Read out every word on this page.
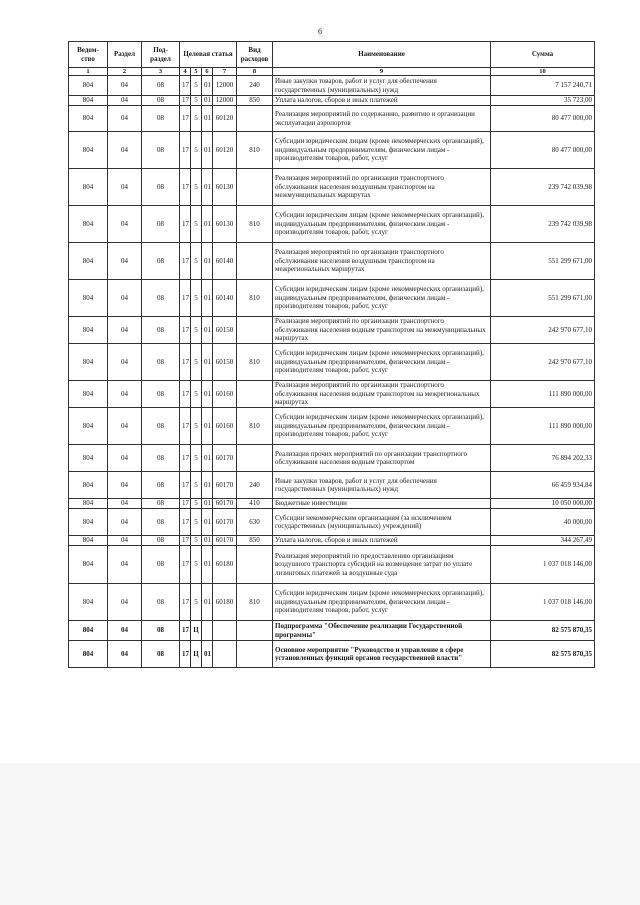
6
Ведом-
ство	Раздел	Под-
раздел	Целевая статья				Вид
расходов	Наименование	Сумма
1	2	3	4	5	6	7	8	9	10
804	04	08	17	5	01	12000	240	Иные закупки товаров, работ и услуг для обеспечения государственных (муниципальных) нужд	7 157 240,71
804	04	08	17	5	01	12000	850	Уплата налогов, сборов и иных платежей	35 723,00
804	04	08	17	5	01	60120		Реализация мероприятий по содержанию, развитию и организации эксплуатации аэропортов	80 477 000,00
804	04	08	17	5	01	60120	810	Субсидии юридическим лицам (кроме некоммерческих организаций), индивидуальным предпринимателям, физическим лицам - производителям товаров, работ, услуг	80 477 000,00
804	04	08	17	5	01	60130		Реализация мероприятий по организации транспортного обслуживания населения воздушным транспортом на межмуниципальных маршрутах	239 742 039,98
804	04	08	17	5	01	60130	810	Субсидии юридическим лицам (кроме некоммерческих организаций), индивидуальным предпринимателям, физическим лицам - производителям товаров, работ, услуг	239 742 039,98
804	04	08	17	5	01	60140		Реализация мероприятий по организации транспортного обслуживания населения воздушным транспортом на межрегиональных маршрутах	551 299 671,00
804	04	08	17	5	01	60140	810	Субсидии юридическим лицам (кроме некоммерческих организаций), индивидуальным предпринимателям, физическим лицам - производителям товаров, работ, услуг	551 299 671,00
804	04	08	17	5	01	60150		Реализация мероприятий по организации транспортного обслуживания населения водным транспортом на межмуниципальных маршрутах	242 970 677,10
804	04	08	17	5	01	60150	810	Субсидии юридическим лицам (кроме некоммерческих организаций), индивидуальным предпринимателям, физическим лицам - производителям товаров, работ, услуг	242 970 677,10
804	04	08	17	5	01	60160		Реализация мероприятий по организации транспортного обслуживания населения водным транспортом на межрегиональных маршрутах	111 890 000,00
804	04	08	17	5	01	60160	810	Субсидии юридическим лицам (кроме некоммерческих организаций), индивидуальным предпринимателям, физическим лицам - производителям товаров, работ, услуг	111 890 000,00
804	04	08	17	5	01	60170		Реализация прочих мероприятий по организации транспортного обслуживания населения водным транспортом	76 894 202,33
804	04	08	17	5	01	60170	240	Иные закупки товаров, работ и услуг для обеспечения государственных (муниципальных) нужд	66 459 934,84
804	04	08	17	5	01	60170	410	Бюджетные инвестиции	10 050 000,00
804	04	08	17	5	01	60170	630	Субсидии некоммерческим организациям (за исключением государственных (муниципальных) учреждений)	40 000,00
804	04	08	17	5	01	60170	850	Уплата налогов, сборов и иных платежей	344 267,49
804	04	08	17	5	01	60180		Реализация мероприятий по предоставлению организациям воздушного транспорта субсидий на возмещение затрат по уплате лизинговых платежей за воздушные суда	1 037 018 146,00
804	04	08	17	5	01	60180	810	Субсидии юридическим лицам (кроме некоммерческих организаций), индивидуальным предпринимателям, физическим лицам - производителям товаров, работ, услуг	1 037 018 146,00
804	04	08	17	Ц				Подпрограмма "Обеспечение реализации Государственной программы"	82 575 870,35
804	04	08	17	Ц	01			Основное мероприятие "Руководство и управление в сфере установленных функций органов государственной власти"	82 575 870,35
